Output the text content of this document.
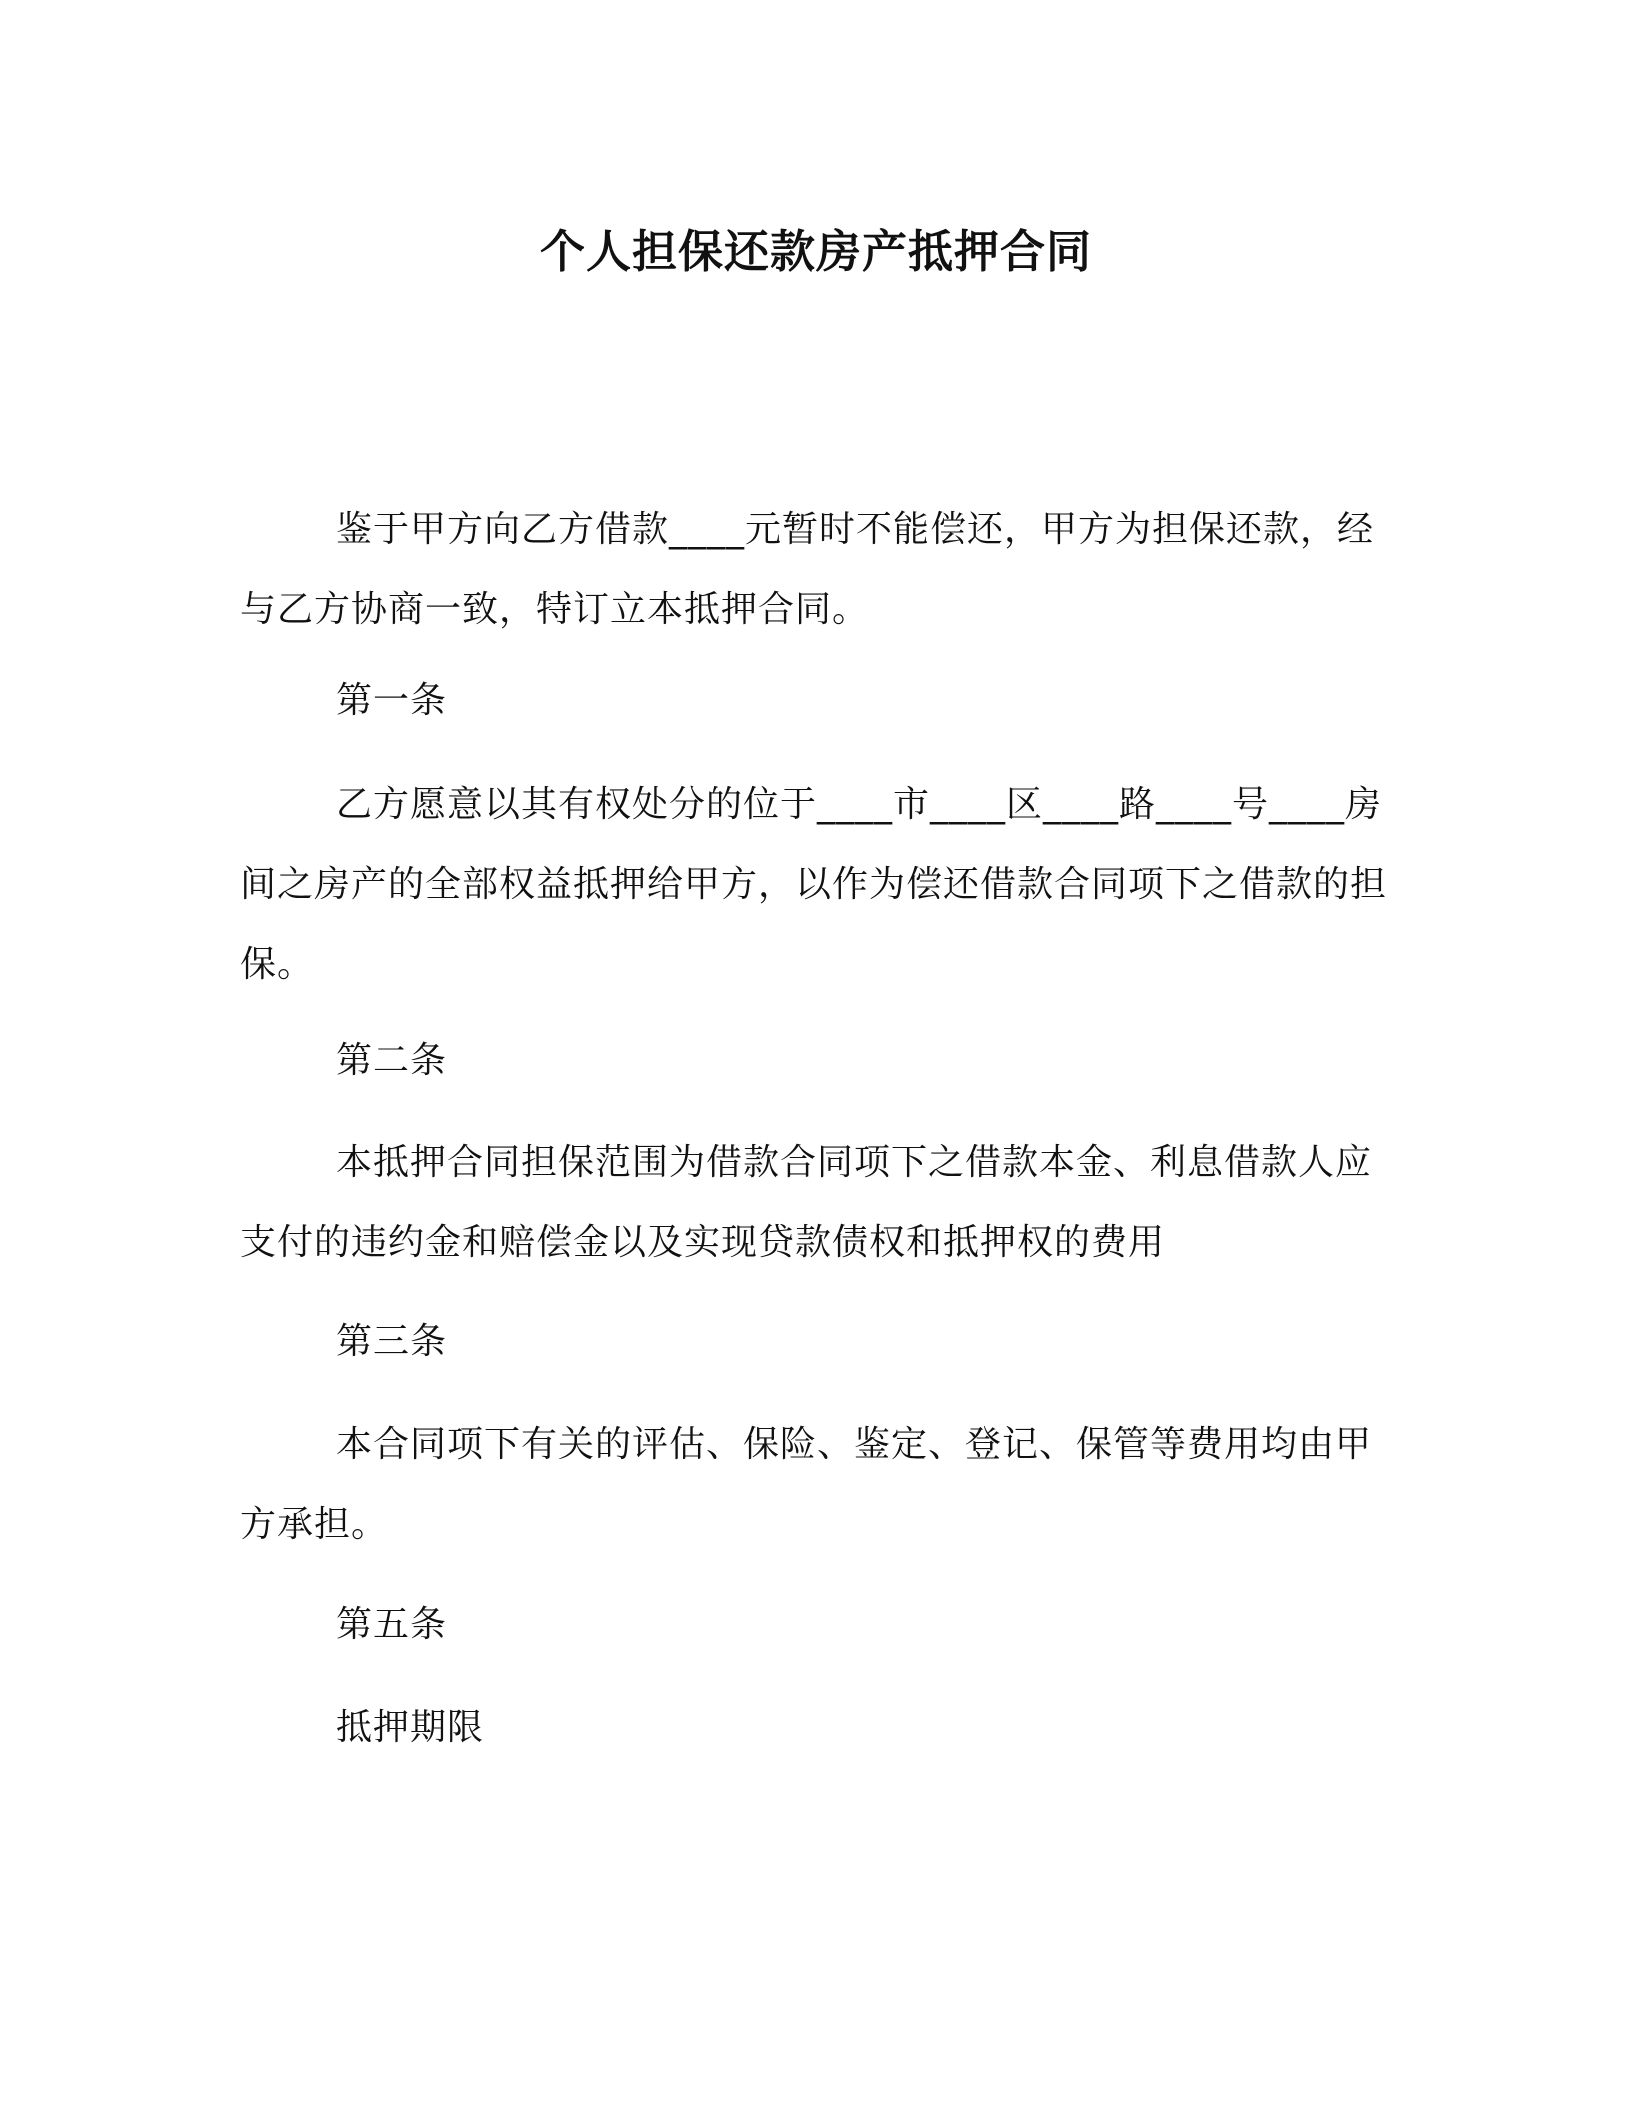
个人担保还款房产抵押合同

鉴于甲方向乙方借款____元暂时不能偿还，甲方为担保还款，经与乙方协商一致，特订立本抵押合同。

第一条

乙方愿意以其有权处分的位于____市____区____路____号____房间之房产的全部权益抵押给甲方，以作为偿还借款合同项下之借款的担保。

第二条

本抵押合同担保范围为借款合同项下之借款本金、利息借款人应支付的违约金和赔偿金以及实现贷款债权和抵押权的费用

第三条

本合同项下有关的评估、保险、鉴定、登记、保管等费用均由甲方承担。

第五条

抵押期限
